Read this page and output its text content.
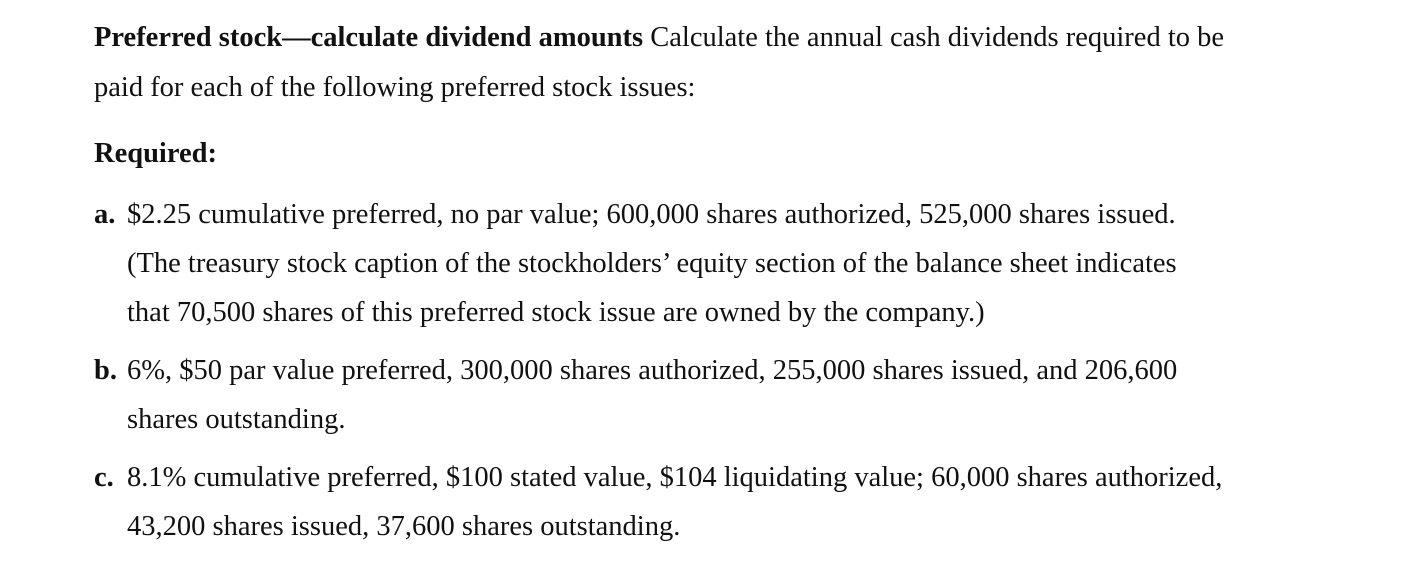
Preferred stock—calculate dividend amounts Calculate the annual cash dividends required to be
paid for each of the following preferred stock issues:
Required:
a. $2.25 cumulative preferred, no par value; 600,000 shares authorized, 525,000 shares issued.
(The treasury stock caption of the stockholders’ equity section of the balance sheet indicates
that 70,500 shares of this preferred stock issue are owned by the company.)
b. 6%, $50 par value preferred, 300,000 shares authorized, 255,000 shares issued, and 206,600
shares outstanding.
c. 8.1% cumulative preferred, $100 stated value, $104 liquidating value; 60,000 shares authorized,
43,200 shares issued, 37,600 shares outstanding.
